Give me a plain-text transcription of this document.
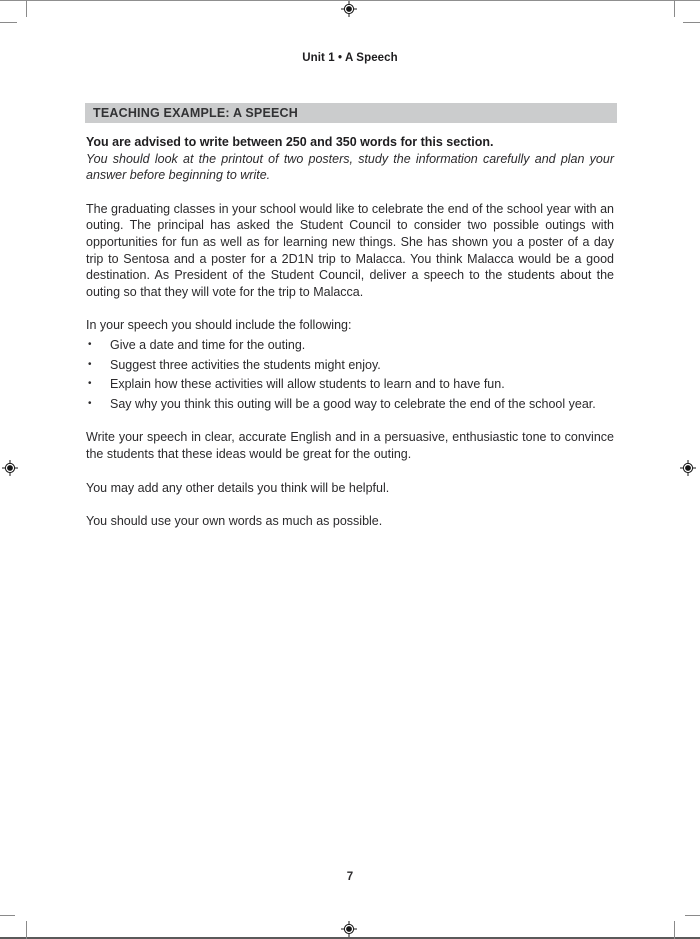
Unit 1 • A Speech
TEACHING EXAMPLE: A SPEECH

You are advised to write between 250 and 350 words for this section.

You should look at the printout of two posters, study the information carefully and plan your answer before beginning to write.

The graduating classes in your school would like to celebrate the end of the school year with an outing. The principal has asked the Student Council to consider two possible outings with opportunities for fun as well as for learning new things. She has shown you a poster of a day trip to Sentosa and a poster for a 2D1N trip to Malacca. You think Malacca would be a good destination. As President of the Student Council, deliver a speech to the students about the outing so that they will vote for the trip to Malacca.

In your speech you should include the following:

•	Give a date and time for the outing.
•	Suggest three activities the students might enjoy.
•	Explain how these activities will allow students to learn and to have fun.
•	Say why you think this outing will be a good way to celebrate the end of the school year.

Write your speech in clear, accurate English and in a persuasive, enthusiastic tone to convince the students that these ideas would be great for the outing.

You may add any other details you think will be helpful.

You should use your own words as much as possible.

7
